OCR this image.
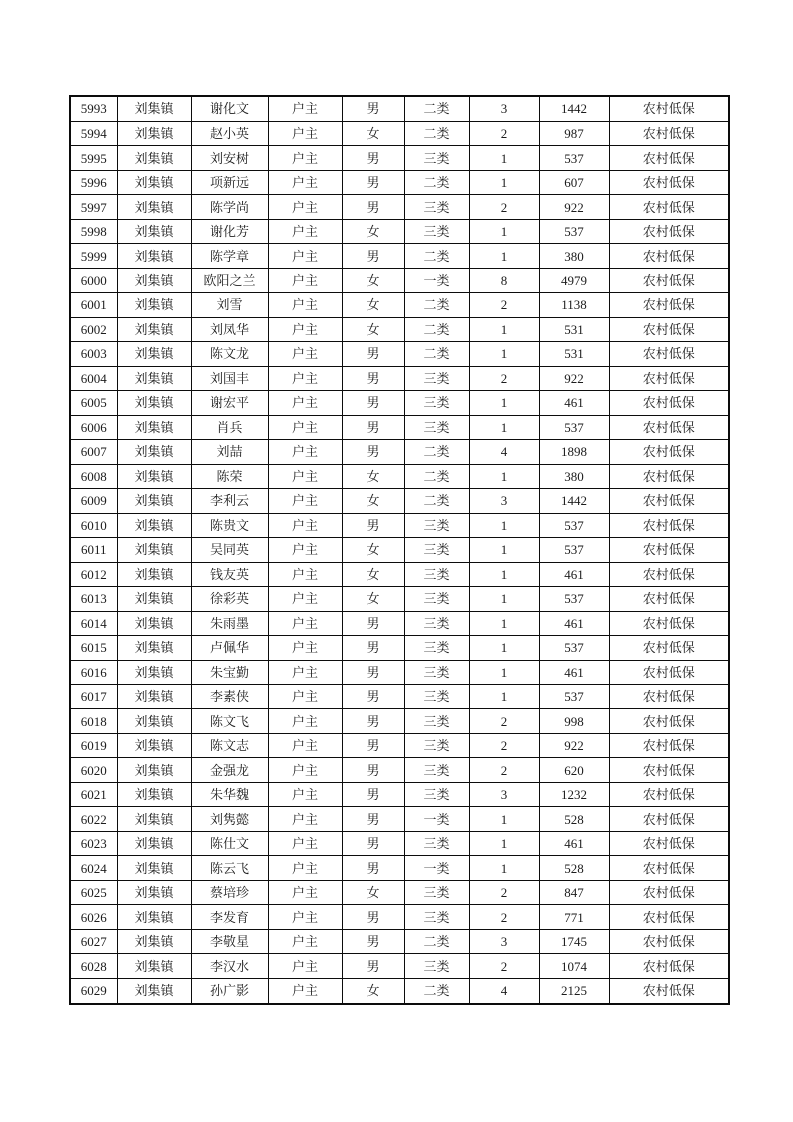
5993	刘集镇	谢化文	户主	男	二类	3	1442	农村低保
5994	刘集镇	赵小英	户主	女	二类	2	987	农村低保
5995	刘集镇	刘安树	户主	男	三类	1	537	农村低保
5996	刘集镇	项新远	户主	男	二类	1	607	农村低保
5997	刘集镇	陈学尚	户主	男	三类	2	922	农村低保
5998	刘集镇	谢化芳	户主	女	三类	1	537	农村低保
5999	刘集镇	陈学章	户主	男	二类	1	380	农村低保
6000	刘集镇	欧阳之兰	户主	女	一类	8	4979	农村低保
6001	刘集镇	刘雪	户主	女	二类	2	1138	农村低保
6002	刘集镇	刘凤华	户主	女	二类	1	531	农村低保
6003	刘集镇	陈文龙	户主	男	二类	1	531	农村低保
6004	刘集镇	刘国丰	户主	男	三类	2	922	农村低保
6005	刘集镇	谢宏平	户主	男	三类	1	461	农村低保
6006	刘集镇	肖兵	户主	男	三类	1	537	农村低保
6007	刘集镇	刘喆	户主	男	二类	4	1898	农村低保
6008	刘集镇	陈荣	户主	女	二类	1	380	农村低保
6009	刘集镇	李利云	户主	女	二类	3	1442	农村低保
6010	刘集镇	陈贵文	户主	男	三类	1	537	农村低保
6011	刘集镇	吴同英	户主	女	三类	1	537	农村低保
6012	刘集镇	钱友英	户主	女	三类	1	461	农村低保
6013	刘集镇	徐彩英	户主	女	三类	1	537	农村低保
6014	刘集镇	朱雨墨	户主	男	三类	1	461	农村低保
6015	刘集镇	卢佩华	户主	男	三类	1	537	农村低保
6016	刘集镇	朱宝勤	户主	男	三类	1	461	农村低保
6017	刘集镇	李素侠	户主	男	三类	1	537	农村低保
6018	刘集镇	陈文飞	户主	男	三类	2	998	农村低保
6019	刘集镇	陈文志	户主	男	三类	2	922	农村低保
6020	刘集镇	金强龙	户主	男	三类	2	620	农村低保
6021	刘集镇	朱华魏	户主	男	三类	3	1232	农村低保
6022	刘集镇	刘隽懿	户主	男	一类	1	528	农村低保
6023	刘集镇	陈仕文	户主	男	三类	1	461	农村低保
6024	刘集镇	陈云飞	户主	男	一类	1	528	农村低保
6025	刘集镇	蔡培珍	户主	女	三类	2	847	农村低保
6026	刘集镇	李发育	户主	男	三类	2	771	农村低保
6027	刘集镇	李敬星	户主	男	二类	3	1745	农村低保
6028	刘集镇	李汉水	户主	男	三类	2	1074	农村低保
6029	刘集镇	孙广影	户主	女	二类	4	2125	农村低保
